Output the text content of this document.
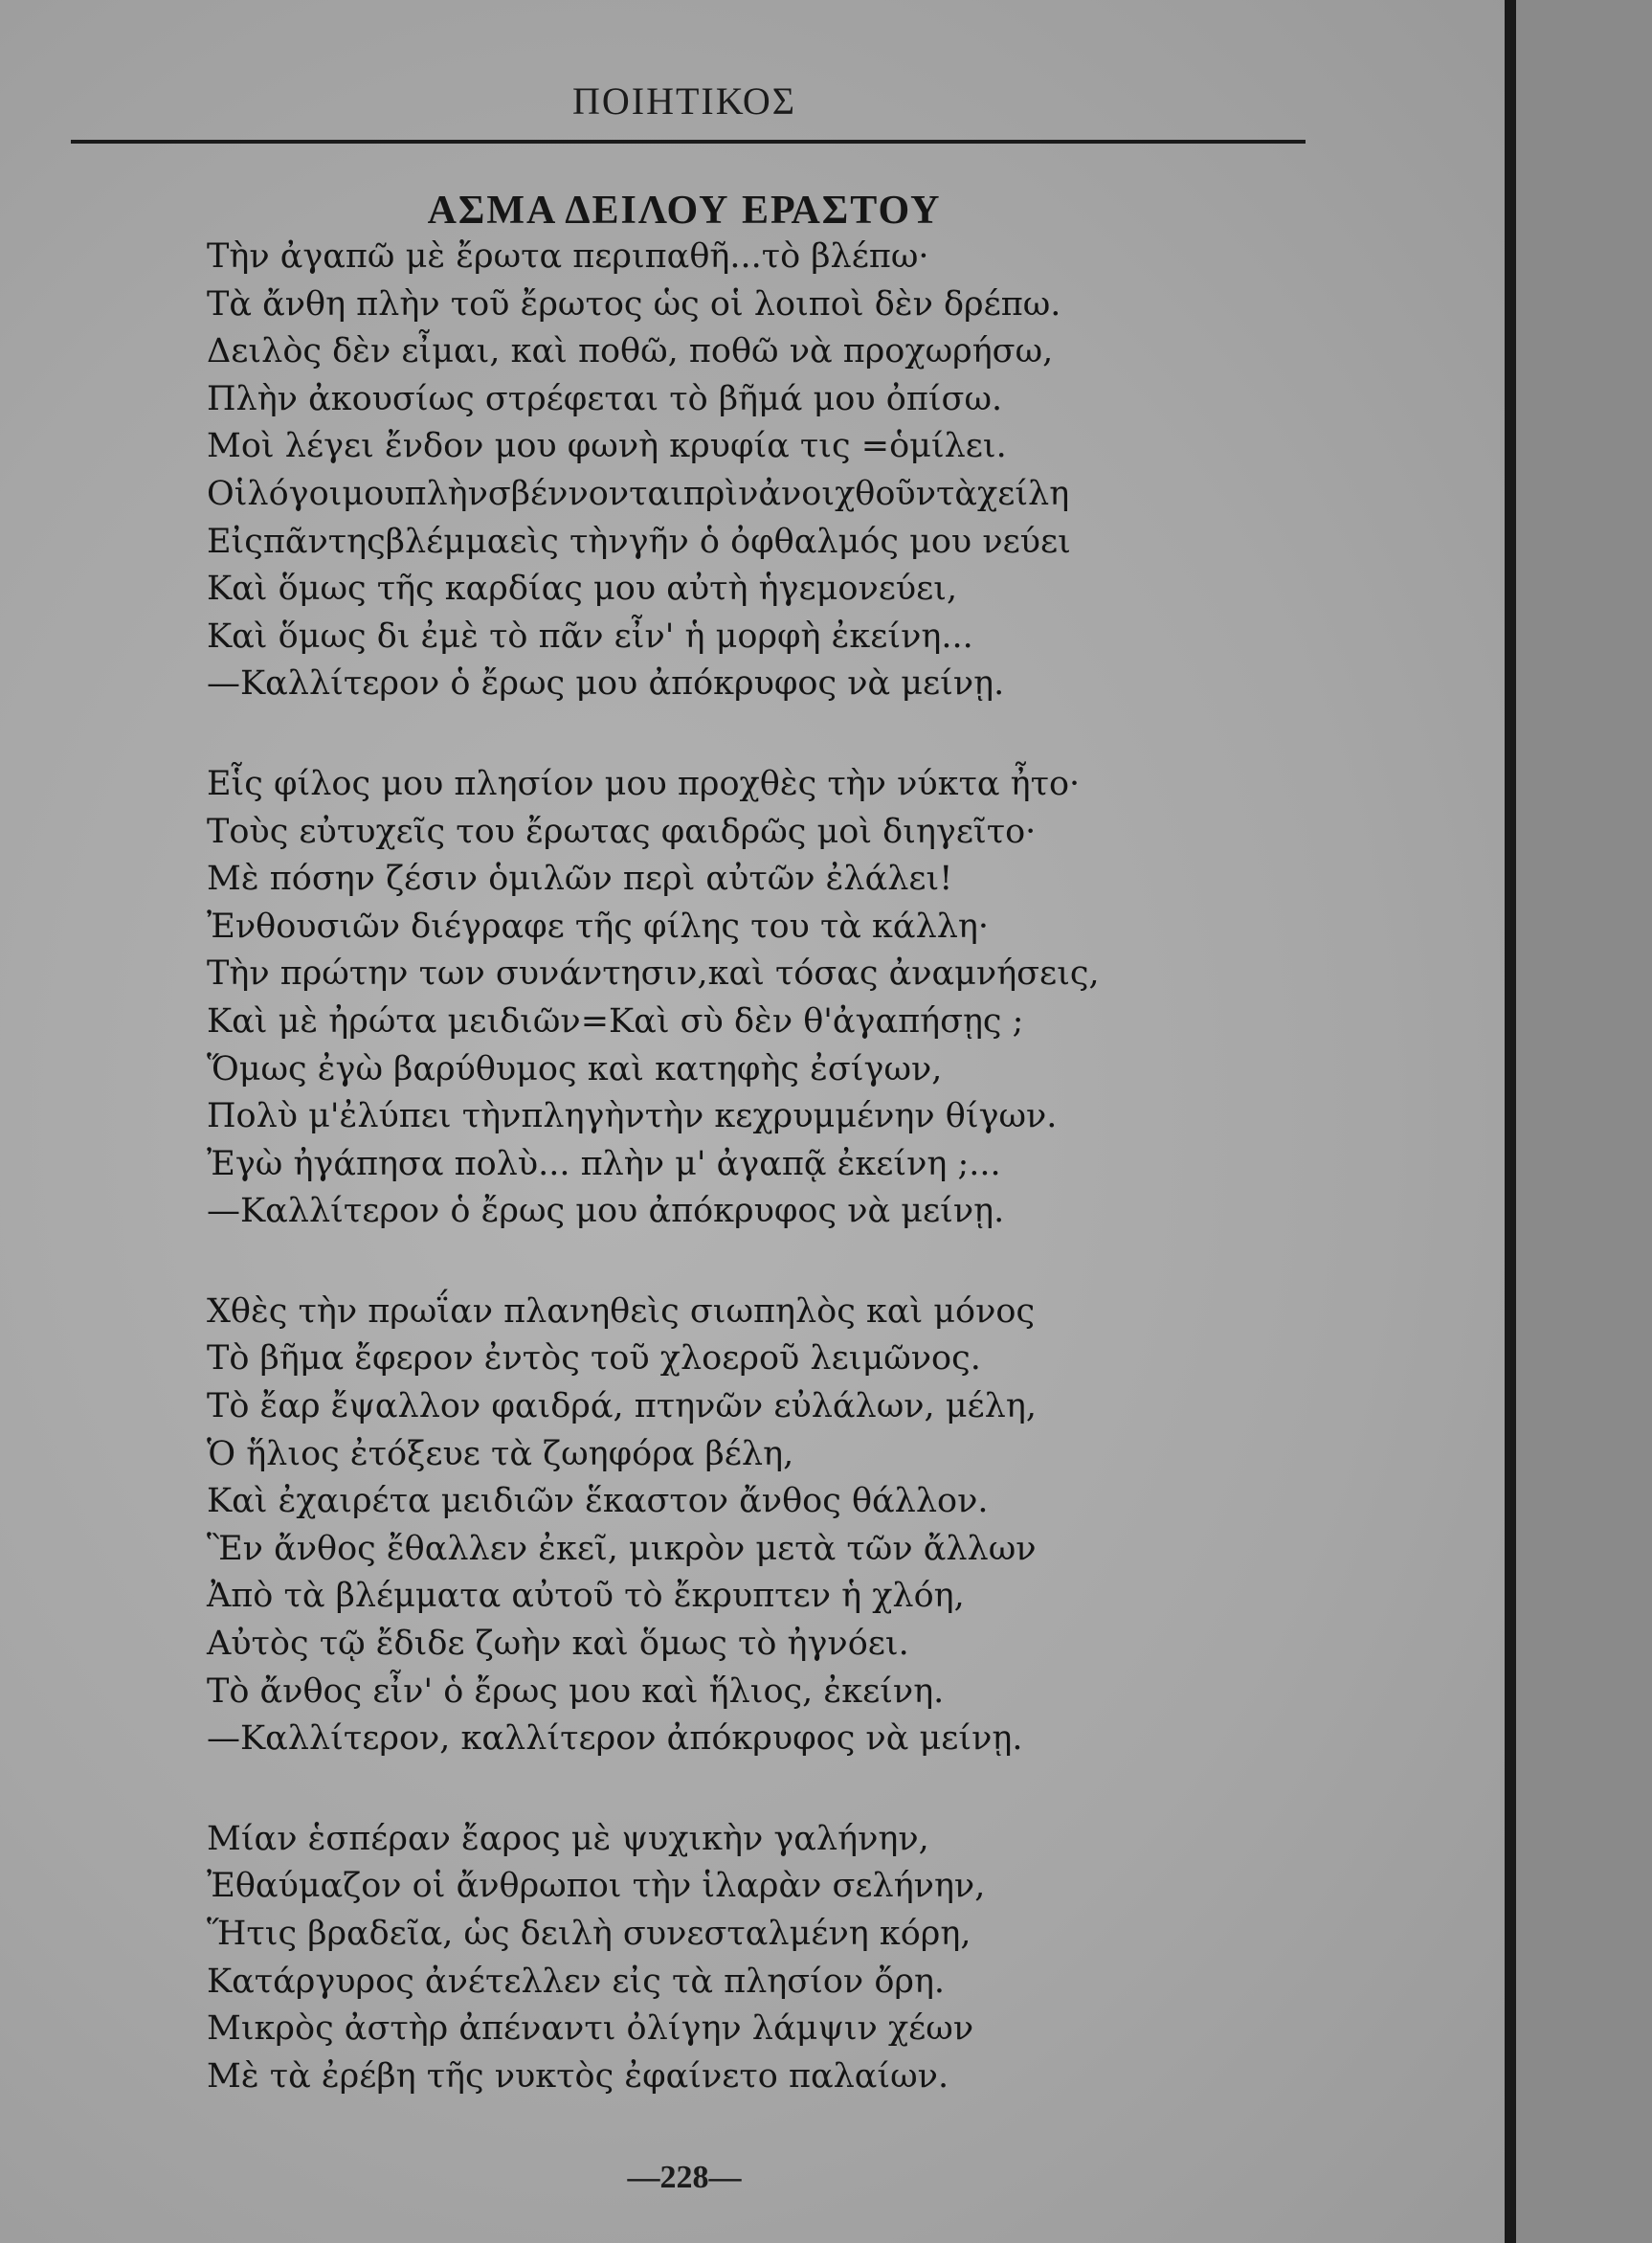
ΠΟΙΗΤΙΚΟΣ
ΑΣΜΑ ΔΕΙΛΟΥ ΕΡΑΣΤΟΥ
Τὴν ἀγαπῶ μὲ ἔρωτα περιπαθῆ...τὸ βλέπω·
Τὰ ἄνθη πλὴν τοῦ ἔρωτος ὡς οἱ λοιποὶ δὲν δρέπω.
Δειλὸς δὲν εἶμαι, καὶ ποθῶ, ποθῶ νὰ προχωρήσω,
Πλὴν ἀκουσίως στρέφεται τὸ βῆμά μου ὀπίσω.
Μοὶ λέγει ἔνδον μου φωνὴ κρυφία τις =ὁμίλει.
Οἱλόγοιμουπλὴνσβέννονταιπρὶνἀνοιχθοῦντὰχείλη
Εἰςπᾶντηςβλέμμαεὶς τὴνγῆν ὁ ὀφθαλμός μου νεύει
Καὶ ὅμως τῆς καρδίας μου αὐτὴ ἡγεμονεύει,
Καὶ ὅμως δι ἐμὲ τὸ πᾶν εἶν' ἡ μορφὴ ἐκείνη...
—Καλλίτερον ὁ ἔρως μου ἀπόκρυφος νὰ μείνῃ.
Εἷς φίλος μου πλησίον μου προχθὲς τὴν νύκτα ἦτο·
Τοὺς εὐτυχεῖς του ἔρωτας φαιδρῶς μοὶ διηγεῖτο·
Μὲ πόσην ζέσιν ὁμιλῶν περὶ αὐτῶν ἐλάλει!
Ἐνθουσιῶν διέγραφε τῆς φίλης του τὰ κάλλη·
Τὴν πρώτην των συνάντησιν,καὶ τόσας ἀναμνήσεις,
Καὶ μὲ ἠρώτα μειδιῶν=Καὶ σὺ δὲν θ'ἀγαπήσῃς ;
Ὅμως ἐγὼ βαρύθυμος καὶ κατηφὴς ἐσίγων,
Πολὺ μ'ἐλύπει τὴνπληγὴντὴν κεχρυμμένην θίγων.
Ἐγὼ ἠγάπησα πολὺ... πλὴν μ' ἀγαπᾷ ἐκείνη ;...
—Καλλίτερον ὁ ἔρως μου ἀπόκρυφος νὰ μείνῃ.
Χθὲς τὴν πρωΐαν πλανηθεὶς σιωπηλὸς καὶ μόνος
Τὸ βῆμα ἔφερον ἐντὸς τοῦ χλοεροῦ λειμῶνος.
Τὸ ἔαρ ἔψαλλον φαιδρά, πτηνῶν εὐλάλων, μέλη,
Ὁ ἥλιος ἐτόξευε τὰ ζωηφόρα βέλη,
Καὶ ἐχαιρέτα μειδιῶν ἕκαστον ἄνθος θάλλον.
Ἓν ἄνθος ἔθαλλεν ἐκεῖ, μικρὸν μετὰ τῶν ἄλλων
Ἀπὸ τὰ βλέμματα αὐτοῦ τὸ ἔκρυπτεν ἡ χλόη,
Αὐτὸς τῷ ἔδιδε ζωὴν καὶ ὅμως τὸ ἠγνόει.
Τὸ ἄνθος εἶν' ὁ ἔρως μου καὶ ἥλιος, ἐκείνη.
—Καλλίτερον, καλλίτερον ἀπόκρυφος νὰ μείνῃ.
Μίαν ἑσπέραν ἔαρος μὲ ψυχικὴν γαλήνην,
Ἐθαύμαζον οἱ ἄνθρωποι τὴν ἱλαρὰν σελήνην,
Ἥτις βραδεῖα, ὡς δειλὴ συνεσταλμένη κόρη,
Κατάργυρος ἀνέτελλεν εἰς τὰ πλησίον ὄρη.
Μικρὸς ἀστὴρ ἀπέναντι ὀλίγην λάμψιν χέων
Μὲ τὰ ἐρέβη τῆς νυκτὸς ἐφαίνετο παλαίων.
—228—
